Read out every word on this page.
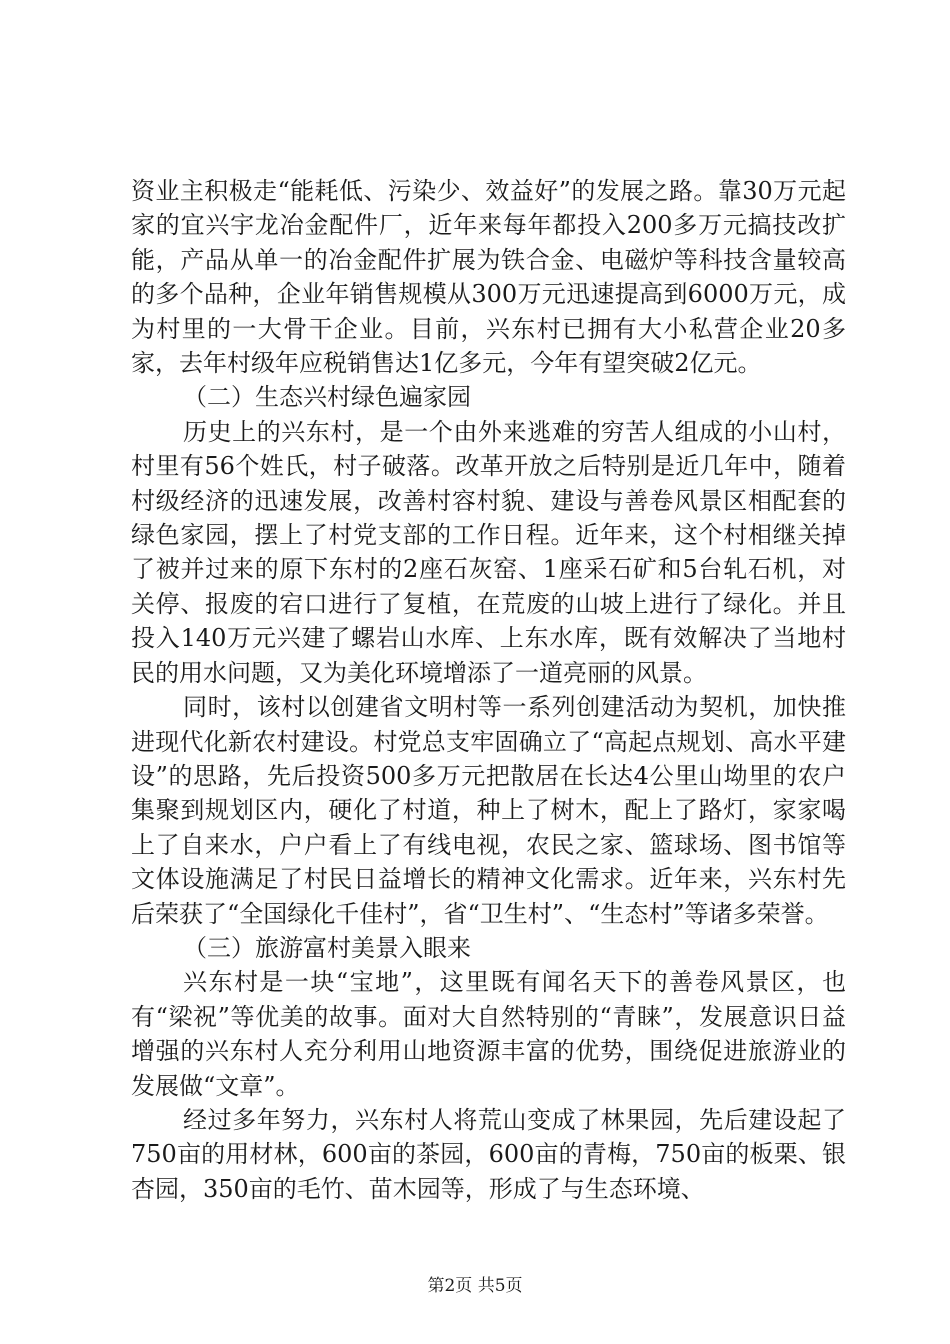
资业主积极走“能耗低、污染少、效益好”的发展之路。靠30万元起家的宜兴宇龙冶金配件厂，近年来每年都投入200多万元搞技改扩能，产品从单一的冶金配件扩展为铁合金、电磁炉等科技含量较高的多个品种，企业年销售规模从300万元迅速提高到6000万元，成为村里的一大骨干企业。目前，兴东村已拥有大小私营企业20多家，去年村级年应税销售达1亿多元，今年有望突破2亿元。

（二）生态兴村绿色遍家园

历史上的兴东村，是一个由外来逃难的穷苦人组成的小山村，村里有56个姓氏，村子破落。改革开放之后特别是近几年中，随着村级经济的迅速发展，改善村容村貌、建设与善卷风景区相配套的绿色家园，摆上了村党支部的工作日程。近年来，这个村相继关掉了被并过来的原下东村的2座石灰窑、1座采石矿和5台轧石机，对关停、报废的宕口进行了复植，在荒废的山坡上进行了绿化。并且投入140万元兴建了螺岩山水库、上东水库，既有效解决了当地村民的用水问题，又为美化环境增添了一道亮丽的风景。

同时，该村以创建省文明村等一系列创建活动为契机，加快推进现代化新农村建设。村党总支牢固确立了“高起点规划、高水平建设”的思路，先后投资500多万元把散居在长达4公里山坳里的农户集聚到规划区内，硬化了村道，种上了树木，配上了路灯，家家喝上了自来水，户户看上了有线电视，农民之家、篮球场、图书馆等文体设施满足了村民日益增长的精神文化需求。近年来，兴东村先后荣获了“全国绿化千佳村”，省“卫生村”、“生态村”等诸多荣誉。

（三）旅游富村美景入眼来

兴东村是一块“宝地”，这里既有闻名天下的善卷风景区，也有“梁祝”等优美的故事。面对大自然特别的“青睐”，发展意识日益增强的兴东村人充分利用山地资源丰富的优势，围绕促进旅游业的发展做“文章”。

经过多年努力，兴东村人将荒山变成了林果园，先后建设起了750亩的用材林，600亩的茶园，600亩的青梅，750亩的板栗、银杏园，350亩的毛竹、苗木园等，形成了与生态环境、

第2页 共5页
